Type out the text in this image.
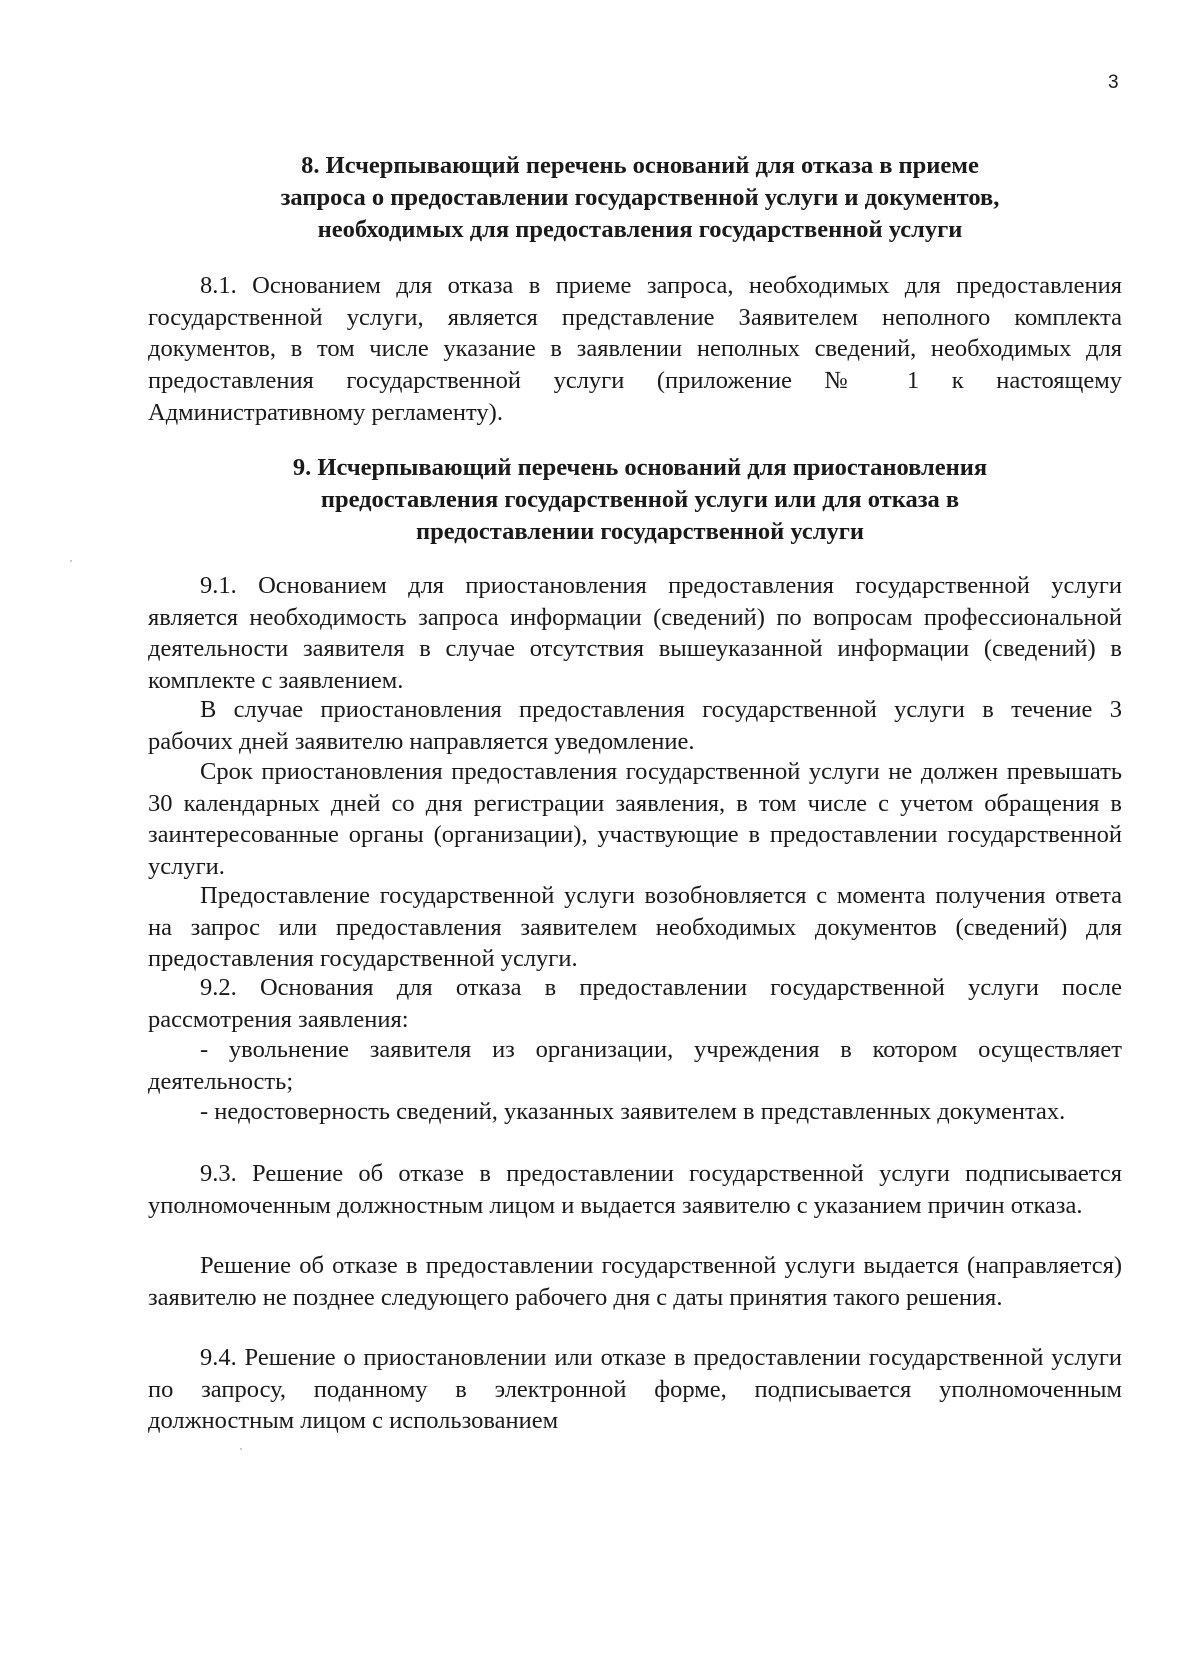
3
8. Исчерпывающий перечень оснований для отказа в приеме
запроса о предоставлении государственной услуги и документов,
необходимых для предоставления государственной услуги

8.1. Основанием для отказа в приеме запроса, необходимых для предоставления государственной услуги, является представление Заявителем неполного комплекта документов, в том числе указание в заявлении неполных сведений, необходимых для предоставления государственной услуги (приложение № 1 к настоящему Административному регламенту).

9. Исчерпывающий перечень оснований для приостановления
предоставления государственной услуги или для отказа в
предоставлении государственной услуги

9.1. Основанием для приостановления предоставления государственной услуги является необходимость запроса информации (сведений) по вопросам профессиональной деятельности заявителя в случае отсутствия вышеуказанной информации (сведений) в комплекте с заявлением.

В случае приостановления предоставления государственной услуги в течение 3 рабочих дней заявителю направляется уведомление.

Срок приостановления предоставления государственной услуги не должен превышать 30 календарных дней со дня регистрации заявления, в том числе с учетом обращения в заинтересованные органы (организации), участвующие в предоставлении государственной услуги.

Предоставление государственной услуги возобновляется с момента получения ответа на запрос или предоставления заявителем необходимых документов (сведений) для предоставления государственной услуги.

9.2. Основания для отказа в предоставлении государственной услуги после рассмотрения заявления:

- увольнение заявителя из организации, учреждения в котором осуществляет деятельность;

- недостоверность сведений, указанных заявителем в представленных документах.

9.3. Решение об отказе в предоставлении государственной услуги подписывается уполномоченным должностным лицом и выдается заявителю с указанием причин отказа.

Решение об отказе в предоставлении государственной услуги выдается (направляется) заявителю не позднее следующего рабочего дня с даты принятия такого решения.

9.4. Решение о приостановлении или отказе в предоставлении государственной услуги по запросу, поданному в электронной форме, подписывается уполномоченным должностным лицом с использованием
